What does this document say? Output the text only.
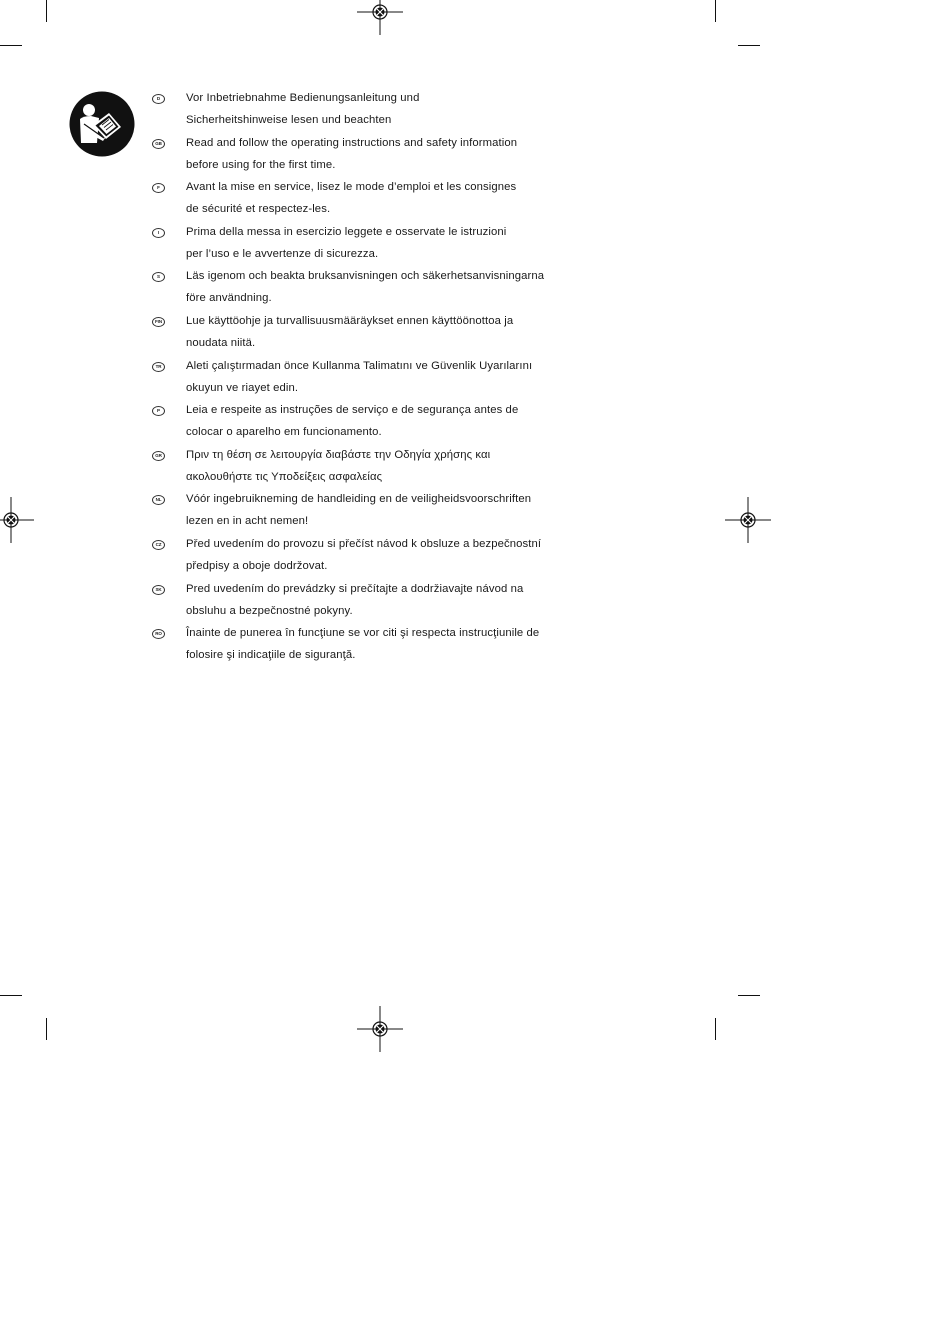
D	Vor Inbetriebnahme Bedienungsanleitung und
Sicherheitshinweise lesen und beachten
GB Read and follow the operating instructions and safety information
before using for the first time.
F	Avant la mise en service, lisez le mode d’emploi et les consignes
de sécurité et respectez-les.
I	Prima della messa in esercizio leggete e osservate le istruzioni
per l’uso e le avvertenze di sicurezza.
S	Läs igenom och beakta bruksanvisningen och säkerhetsanvisningarna
före användning.
FIN Lue käyttöohje ja turvallisuusmääräykset ennen käyttöönottoa ja
noudata niitä.
TR	Aleti çalıştırmadan önce Kullanma Talimatını ve Güvenlik Uyarılarını
okuyun ve riayet edin.
P	Leia e respeite as instruções de serviço e de segurança antes de
colocar o aparelho em funcionamento.
GR Πριν τη θέση σε λειτουργία διαβάστε την Οδηγία χρήσης και
ακολουθήστε τις Υποδείξεις ασφαλείας
NL	Vóór ingebruikneming de handleiding en de veiligheidsvoorschriften
lezen en in acht nemen!
CZ	Před uvedením do provozu si přečíst návod k obsluze a bezpečnostní
předpisy a oboje dodržovat.
SK	Pred uvedením do prevádzky si prečítajte a dodržiavajte návod na
obsluhu a bezpečnostné pokyny.
RO Înainte de punerea în funcţiune se vor citi şi respecta instrucţiunile de
folosire şi indicaţiile de siguranţă.
